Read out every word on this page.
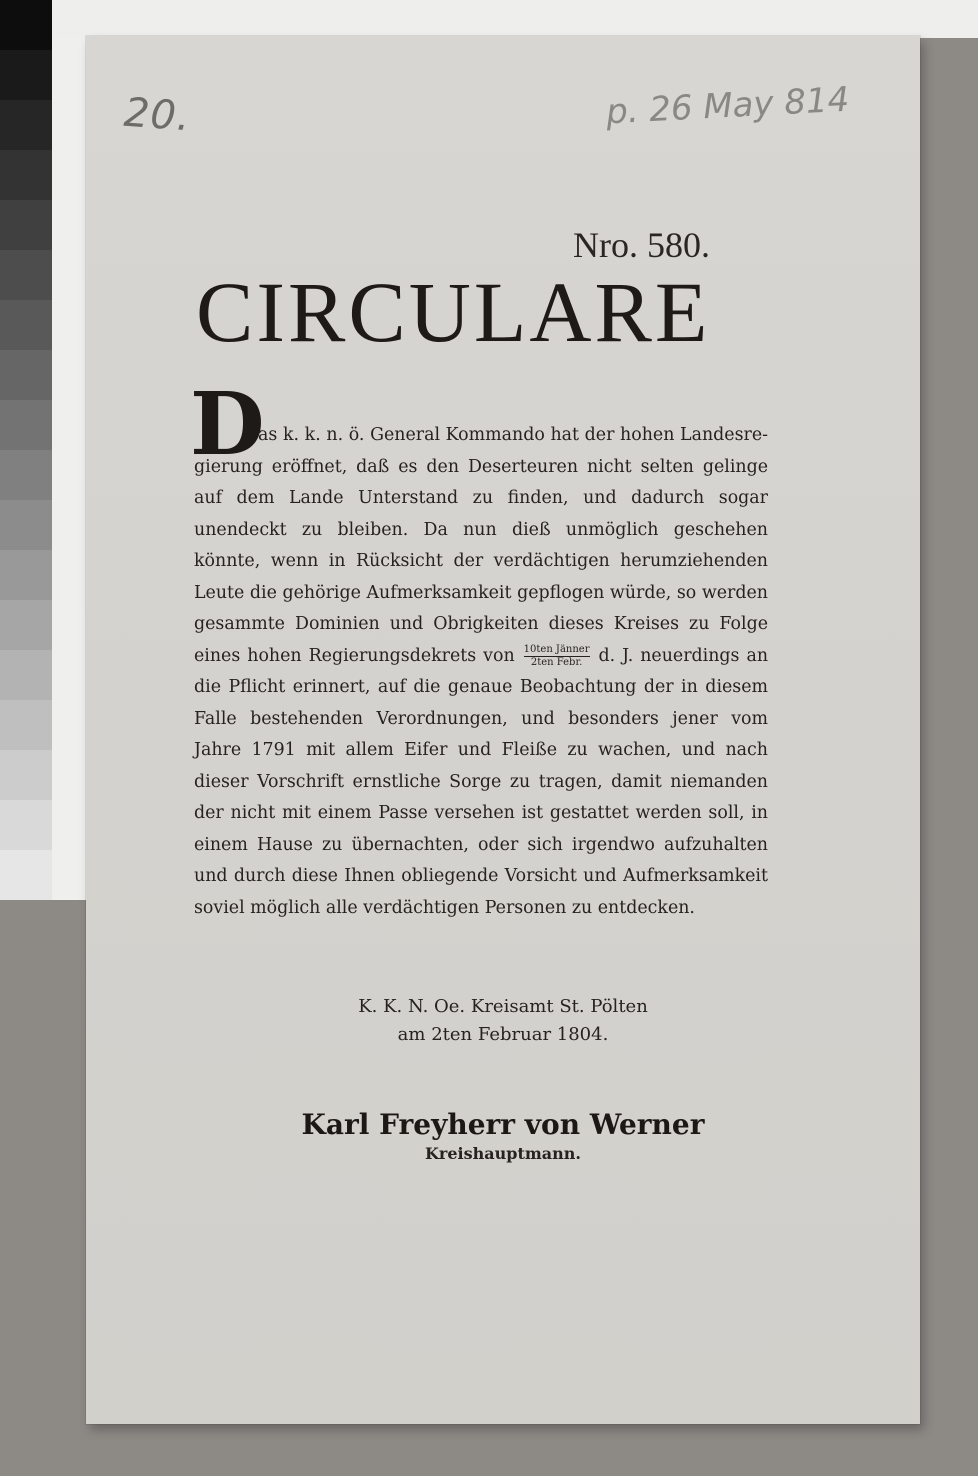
20.	p. 26 May 814
Nro. 580.
CIRCULARE
D
as k. k. n. ö. General Kommando hat der hohen Landesre- gierung eröffnet, daß es den Deserteuren nicht selten gelinge auf dem Lande Unterstand zu finden, und dadurch sogar unendeckt zu bleiben. Da nun dieß unmöglich geschehen könnte, wenn in Rücksicht der verdächtigen herumziehenden Leute die gehörige Aufmerksamkeit gepflogen würde, so werden gesammte Dominien und Obrigkeiten dieses Kreises zu Folge eines hohen Regierungsdekrets von $\frac{\text{10ten Jänner}}{\text{2ten Febr.}} d$. J. neuerdings an die Pflicht erinnert, auf die genaue Beobachtung der in diesem Falle bestehenden Verordnungen, und besonders jener vom Jahre 1791 mit allem Eifer und Fleiße zu wachen, und nach dieser Vorschrift ernstliche Sorge zu tragen, damit niemanden der nicht mit einem Passe versehen ist gestattet werden soll, in einem Hause zu übernachten, oder sich irgendwo aufzuhalten und durch diese Ihnen obliegende Vorsicht und Aufmerksamkeit soviel möglich alle verdächtigen Personen zu entdecken.
K. K. N. Oe. Kreisamt St. Pölten
am 2ten Februar 1804.
Karl Freyherr von Werner
Kreishauptmann.
